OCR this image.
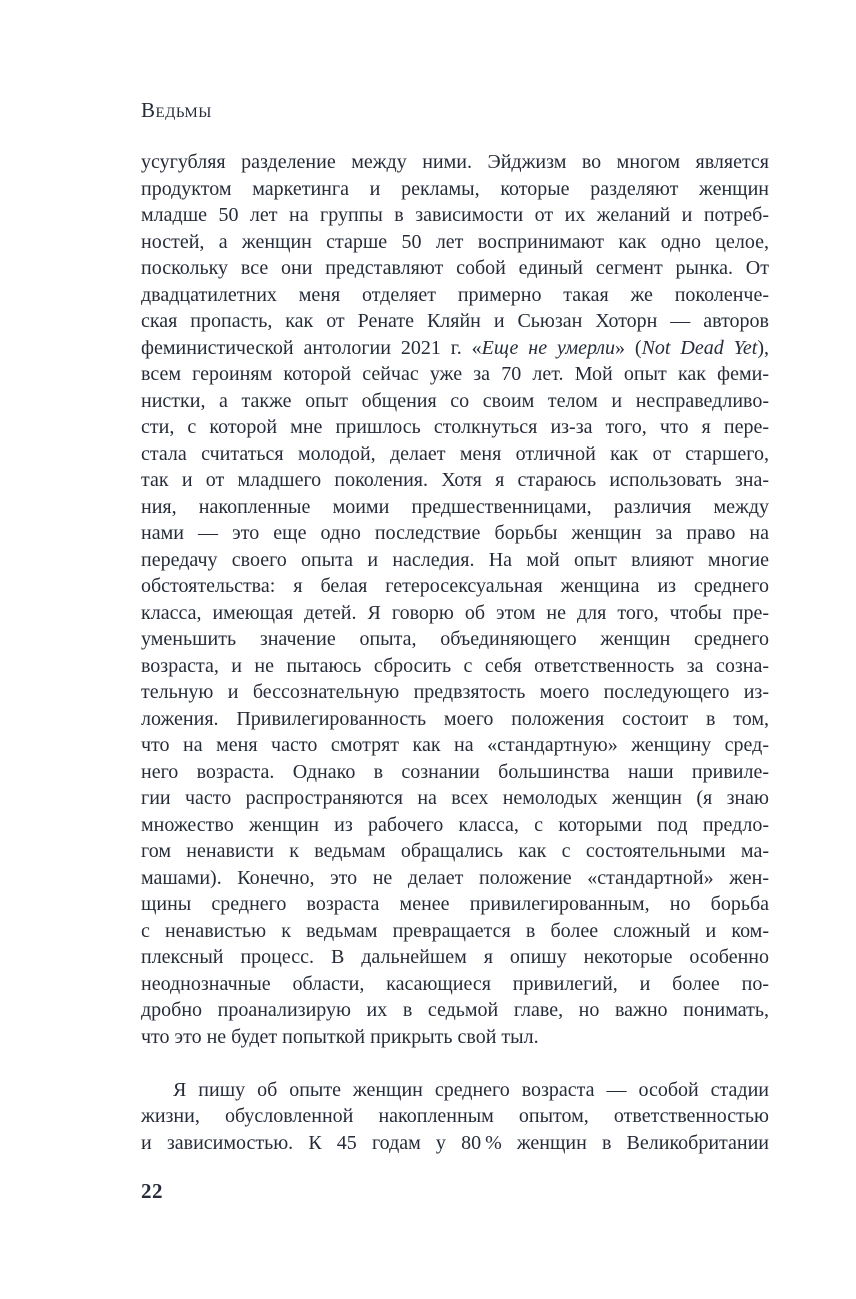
Ведьмы
усугубляя разделение между ними. Эйджизм во многом является
продуктом маркетинга и рекламы, которые разделяют женщин
младше 50 лет на группы в зависимости от их желаний и потреб-
ностей, а женщин старше 50 лет воспринимают как одно целое,
поскольку все они представляют собой единый сегмент рынка. От
двадцатилетних меня отделяет примерно такая же поколенче-
ская пропасть, как от Ренате Кляйн и Сьюзан Хоторн — авторов
феминистической антологии 2021 г. «Еще не умерли» (Not Dead Yet),
всем героиням которой сейчас уже за 70 лет. Мой опыт как феми-
нистки, а также опыт общения со своим телом и несправедливо-
сти, с которой мне пришлось столкнуться из-за того, что я пере-
стала считаться молодой, делает меня отличной как от старшего,
так и от младшего поколения. Хотя я стараюсь использовать зна-
ния, накопленные моими предшественницами, различия между
нами — это еще одно последствие борьбы женщин за право на
передачу своего опыта и наследия. На мой опыт влияют многие
обстоятельства: я белая гетеросексуальная женщина из среднего
класса, имеющая детей. Я говорю об этом не для того, чтобы пре-
уменьшить значение опыта, объединяющего женщин среднего
возраста, и не пытаюсь сбросить с себя ответственность за созна-
тельную и бессознательную предвзятость моего последующего из-
ложения. Привилегированность моего положения состоит в том,
что на меня часто смотрят как на «стандартную» женщину сред-
него возраста. Однако в сознании большинства наши привиле-
гии часто распространяются на всех немолодых женщин (я знаю
множество женщин из рабочего класса, с которыми под предло-
гом ненависти к ведьмам обращались как с состоятельными ма-
машами). Конечно, это не делает положение «стандартной» жен-
щины среднего возраста менее привилегированным, но борьба
с ненавистью к ведьмам превращается в более сложный и ком-
плексный процесс. В дальнейшем я опишу некоторые особенно
неоднозначные области, касающиеся привилегий, и более по-
дробно проанализирую их в седьмой главе, но важно понимать,
что это не будет попыткой прикрыть свой тыл.
Я пишу об опыте женщин среднего возраста — особой стадии
жизни, обусловленной накопленным опытом, ответственностью
и зависимостью. К 45 годам у 80 % женщин в Великобритании
22
